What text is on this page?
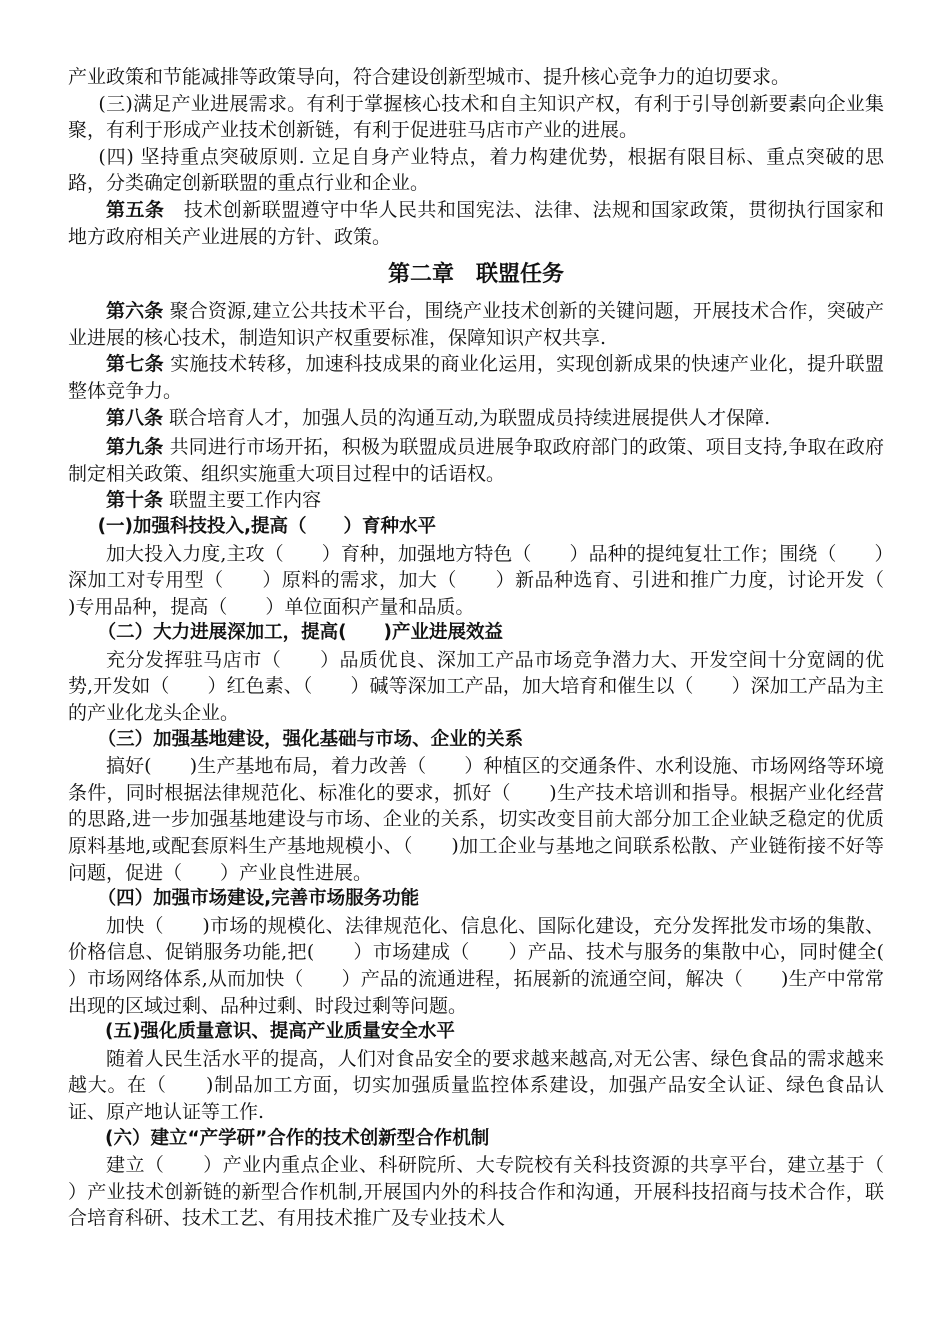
产业政策和节能减排等政策导向，符合建设创新型城市、提升核心竞争力的迫切要求。

(三)满足产业进展需求。有利于掌握核心技术和自主知识产权，有利于引导创新要素向企业集聚，有利于形成产业技术创新链，有利于促进驻马店市产业的进展。

(四) 坚持重点突破原则. 立足自身产业特点，着力构建优势，根据有限目标、重点突破的思路，分类确定创新联盟的重点行业和企业。

第五条　 技术创新联盟遵守中华人民共和国宪法、法律、法规和国家政策，贯彻执行国家和地方政府相关产业进展的方针、政策。

第二章　联盟任务

第六条 聚合资源,建立公共技术平台，围绕产业技术创新的关键问题，开展技术合作，突破产业进展的核心技术，制造知识产权重要标准，保障知识产权共享.

第七条 实施技术转移，加速科技成果的商业化运用，实现创新成果的快速产业化，提升联盟整体竞争力。

第八条 联合培育人才，加强人员的沟通互动,为联盟成员持续进展提供人才保障.

第九条 共同进行市场开拓，积极为联盟成员进展争取政府部门的政策、项目支持,争取在政府制定相关政策、组织实施重大项目过程中的话语权。

第十条 联盟主要工作内容

(一)加强科技投入,提高（　　）育种水平

加大投入力度,主攻（　　）育种，加强地方特色（　　）品种的提纯复壮工作；围绕（　　）深加工对专用型（　　）原料的需求，加大（　　）新品种选育、引进和推广力度，讨论开发（　　)专用品种，提高（　　）单位面积产量和品质。

（二）大力进展深加工，提高(　　)产业进展效益

充分发挥驻马店市（　　）品质优良、深加工产品市场竞争潜力大、开发空间十分宽阔的优势,开发如（　　）红色素、（　　）碱等深加工产品，加大培育和催生以（　　）深加工产品为主的产业化龙头企业。

（三）加强基地建设，强化基础与市场、企业的关系

搞好(　　)生产基地布局，着力改善（　　）种植区的交通条件、水利设施、市场网络等环境条件，同时根据法律规范化、标准化的要求，抓好（　　)生产技术培训和指导。根据产业化经营的思路,进一步加强基地建设与市场、企业的关系，切实改变目前大部分加工企业缺乏稳定的优质原料基地,或配套原料生产基地规模小、（　　)加工企业与基地之间联系松散、产业链衔接不好等问题，促进（　　）产业良性进展。

（四）加强市场建设,完善市场服务功能

加快（　　)市场的规模化、法律规范化、信息化、国际化建设，充分发挥批发市场的集散、价格信息、促销服务功能,把(　　）市场建成（　　）产品、技术与服务的集散中心，同时健全(　　）市场网络体系,从而加快（　　）产品的流通进程，拓展新的流通空间，解决（　　)生产中常常出现的区域过剩、品种过剩、时段过剩等问题。

(五)强化质量意识、提高产业质量安全水平

随着人民生活水平的提高，人们对食品安全的要求越来越高,对无公害、绿色食品的需求越来越大。在（　　)制品加工方面，切实加强质量监控体系建设，加强产品安全认证、绿色食品认证、原产地认证等工作.

(六）建立“产学研”合作的技术创新型合作机制

建立（　　）产业内重点企业、科研院所、大专院校有关科技资源的共享平台，建立基于（　　）产业技术创新链的新型合作机制,开展国内外的科技合作和沟通，开展科技招商与技术合作，联合培育科研、技术工艺、有用技术推广及专业技术人
